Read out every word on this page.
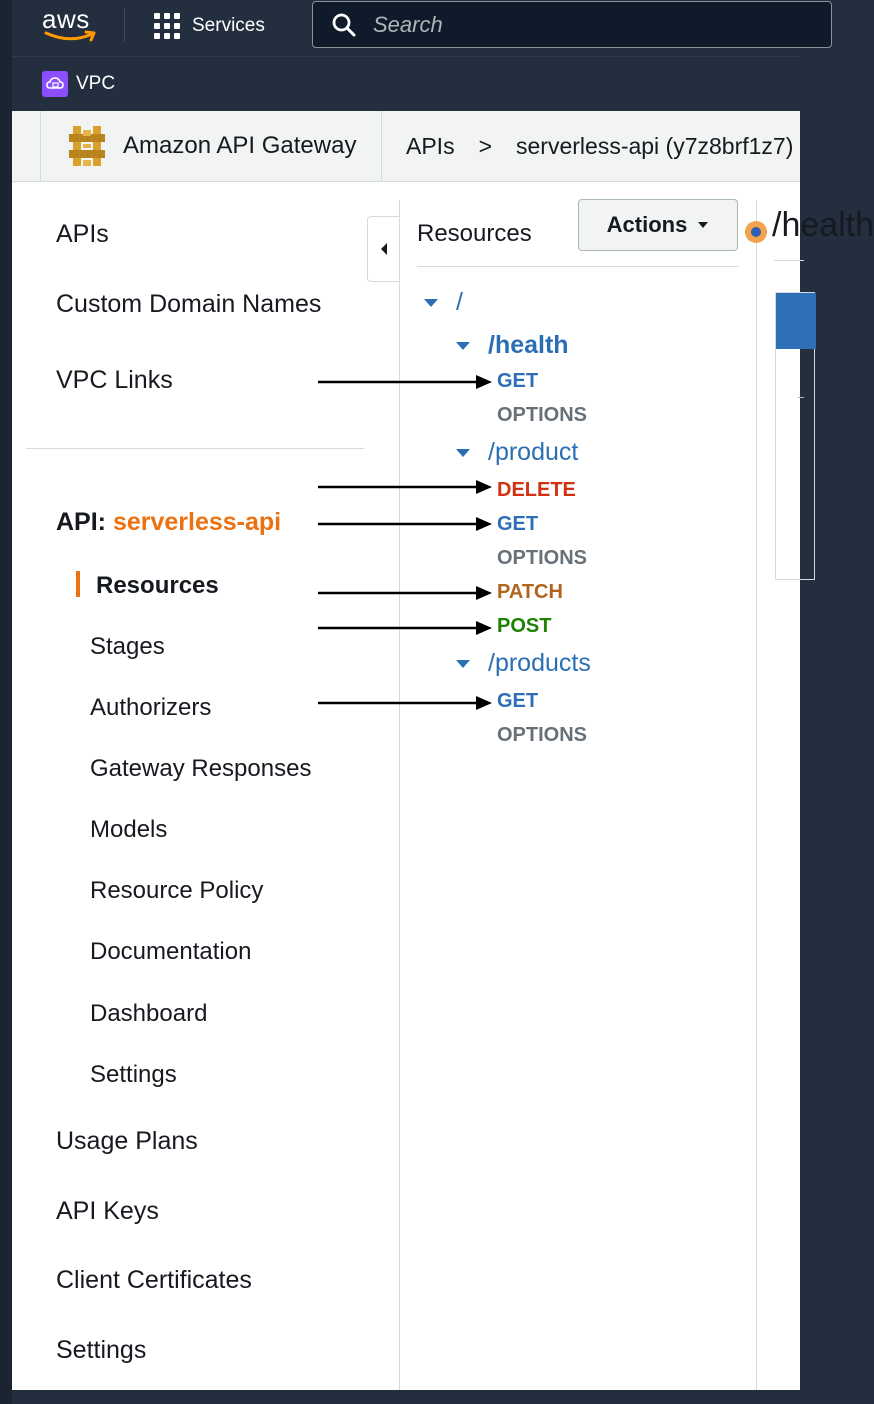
aws	Services
Search
VPC
Amazon API Gateway APIs > serverless-api (y7z8brf1z7)
APIs
Custom Domain Names
VPC Links
API: serverless-api
Resources
Stages
Authorizers
Gateway Responses
Models
Resource Policy
Documentation
Dashboard
Settings
Usage Plans
API Keys
Client Certificates
Settings
Resources	Actions
/
/health
GET
OPTIONS
/product
DELETE
GET
OPTIONS
PATCH
POST
/products
GET
OPTIONS
/health
